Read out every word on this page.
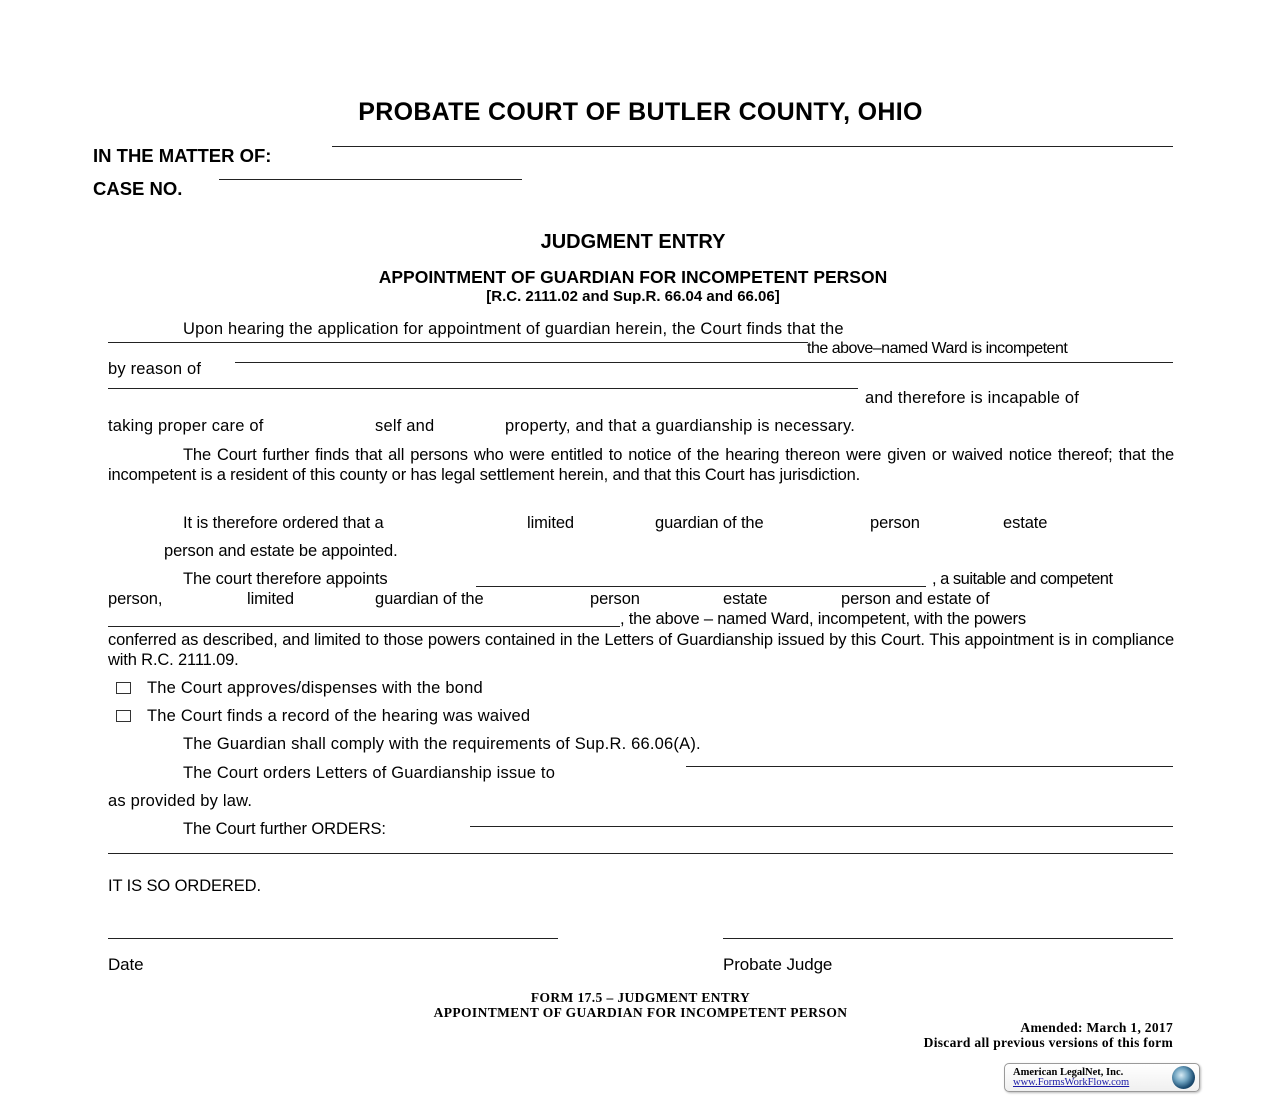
PROBATE COURT OF BUTLER COUNTY, OHIO
IN THE MATTER OF:
CASE NO.
JUDGMENT ENTRY
APPOINTMENT OF GUARDIAN FOR INCOMPETENT PERSON
[R.C. 2111.02 and Sup.R. 66.04 and 66.06]
Upon hearing the application for appointment of guardian herein, the Court finds that the
the above–named Ward is incompetent
by reason of
and therefore is incapable of
taking proper care of	self and	property, and that a guardianship is necessary.
The Court further finds that all persons who were entitled to notice of the hearing thereon were given or waived notice thereof; that the incompetent is a resident of this county or has legal settlement herein, and that this Court has jurisdiction.
It is therefore ordered that a	limited	guardian of the	person	estate
person and estate be appointed.
The court therefore appoints	, a suitable and competent
person,	limited	guardian of the	person	estate	person and estate of
, the above – named Ward, incompetent, with the powers
conferred as described, and limited to those powers contained in the Letters of Guardianship issued by this Court. This appointment is in compliance with R.C. 2111.09.
The Court approves/dispenses with the bond
The Court finds a record of the hearing was waived
The Guardian shall comply with the requirements of Sup.R. 66.06(A).
The Court orders Letters of Guardianship issue to
as provided by law.
The Court further ORDERS:
IT IS SO ORDERED.
Date	Probate Judge
FORM 17.5 – JUDGMENT ENTRY
APPOINTMENT OF GUARDIAN FOR INCOMPETENT PERSON
Amended: March 1, 2017
Discard all previous versions of this form
American LegalNet, Inc.
www.FormsWorkFlow.com
